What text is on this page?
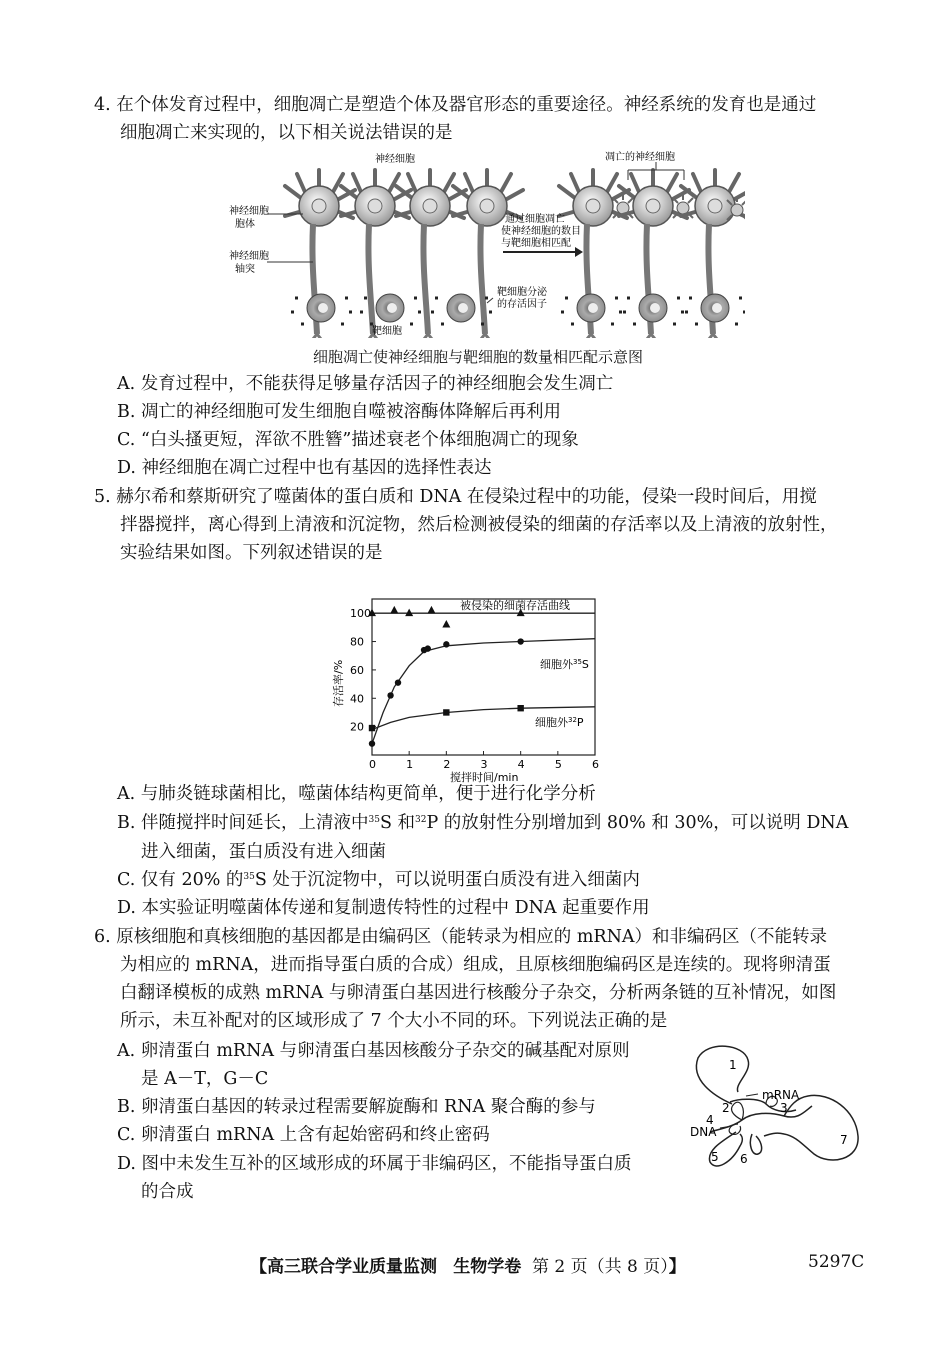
4. 在个体发育过程中，细胞凋亡是塑造个体及器官形态的重要途径。神经系统的发育也是通过
细胞凋亡来实现的，以下相关说法错误的是
神经细胞	凋亡的神经细胞
神经细胞
胞体
神经细胞
轴突
通过细胞凋亡
使神经细胞的数目
与靶细胞相匹配
靶细胞分泌
的存活因子
靶细胞
细胞凋亡使神经细胞与靶细胞的数量相匹配示意图
A. 发育过程中，不能获得足够量存活因子的神经细胞会发生凋亡
B. 凋亡的神经细胞可发生细胞自噬被溶酶体降解后再利用
C. “白头搔更短，浑欲不胜簪”描述衰老个体细胞凋亡的现象
D. 神经细胞在凋亡过程中也有基因的选择性表达
5. 赫尔希和蔡斯研究了噬菌体的蛋白质和 DNA 在侵染过程中的功能，侵染一段时间后，用搅
拌器搅拌，离心得到上清液和沉淀物，然后检测被侵染的细菌的存活率以及上清液的放射性，
实验结果如图。下列叙述错误的是
0	1	2	3	4	5	6
20
40
60
80
100
被侵染的细菌存活曲线
细胞外$^{35}$S
细胞外$^{32}$P
搅拌时间/min
存活率/%
A. 与肺炎链球菌相比，噬菌体结构更简单，便于进行化学分析
B. 伴随搅拌时间延长，上清液中$^{35}$S 和$^{32}$P 的放射性分别增加到 80% 和 30%，可以说明 DNA
进入细菌，蛋白质没有进入细菌
C. 仅有 20% 的$^{35}$S 处于沉淀物中，可以说明蛋白质没有进入细菌内
D. 本实验证明噬菌体传递和复制遗传特性的过程中 DNA 起重要作用
6. 原核细胞和真核细胞的基因都是由编码区（能转录为相应的 mRNA）和非编码区（不能转录
为相应的 mRNA，进而指导蛋白质的合成）组成，且原核细胞编码区是连续的。现将卵清蛋
白翻译模板的成熟 mRNA 与卵清蛋白基因进行核酸分子杂交，分析两条链的互补情况，如图
所示，未互补配对的区域形成了 7 个大小不同的环。下列说法正确的是
A. 卵清蛋白 mRNA 与卵清蛋白基因核酸分子杂交的碱基配对原则
是 A－T，G－C
B. 卵清蛋白基因的转录过程需要解旋酶和 RNA 聚合酶的参与
C. 卵清蛋白 mRNA 上含有起始密码和终止密码
D. 图中未发生互补的区域形成的环属于非编码区，不能指导蛋白质
的合成
mRNA
DNA
1
2	3
4
5 6
7
【高三联合学业质量监测 生物学卷 第 2 页（共 8 页）】	5297C
